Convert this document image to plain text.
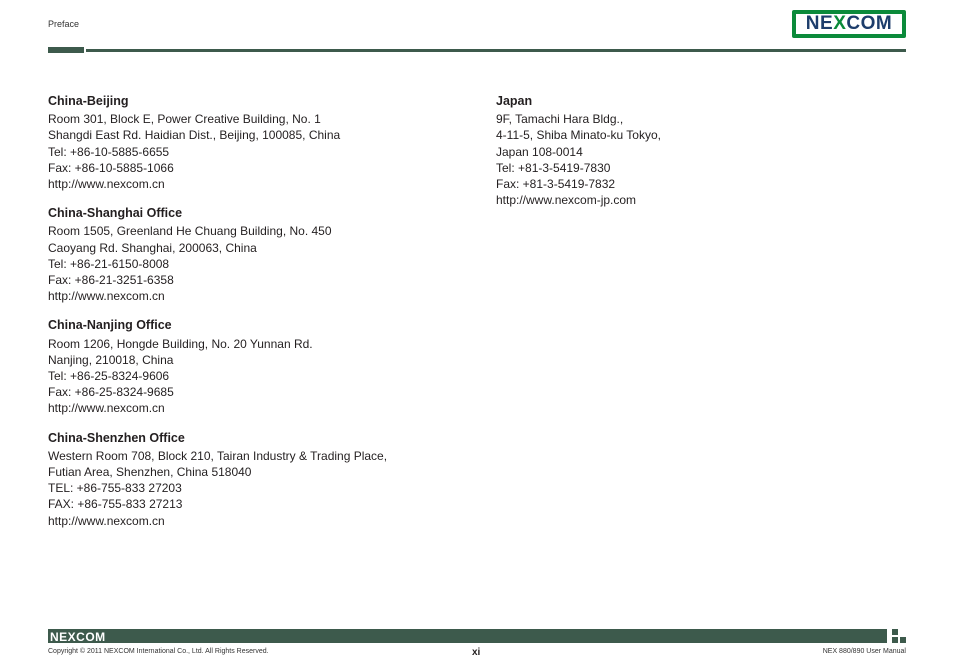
Preface	NE X COM
China-Beijing
Room 301, Block E, Power Creative Building, No. 1
Shangdi East Rd. Haidian Dist., Beijing, 100085, China
Tel: +86-10-5885-6655
Fax: +86-10-5885-1066
http://www.nexcom.cn
China-Shanghai Office
Room 1505, Greenland He Chuang Building, No. 450
Caoyang Rd. Shanghai, 200063, China
Tel: +86-21-6150-8008
Fax: +86-21-3251-6358
http://www.nexcom.cn
China-Nanjing Office
Room 1206, Hongde Building, No. 20 Yunnan Rd.
Nanjing, 210018, China
Tel: +86-25-8324-9606
Fax: +86-25-8324-9685
http://www.nexcom.cn
China-Shenzhen Office
Western Room 708, Block 210, Tairan Industry & Trading Place,
Futian Area, Shenzhen, China 518040
TEL: +86-755-833 27203
FAX: +86-755-833 27213
http://www.nexcom.cn
Japan
9F, Tamachi Hara Bldg.,
4-11-5, Shiba Minato-ku Tokyo,
Japan 108-0014
Tel: +81-3-5419-7830
Fax: +81-3-5419-7832
http://www.nexcom-jp.com
NEXCOM
Copyright © 2011 NEXCOM International Co., Ltd. All Rights Reserved.	xi	NEX 880/890 User Manual
